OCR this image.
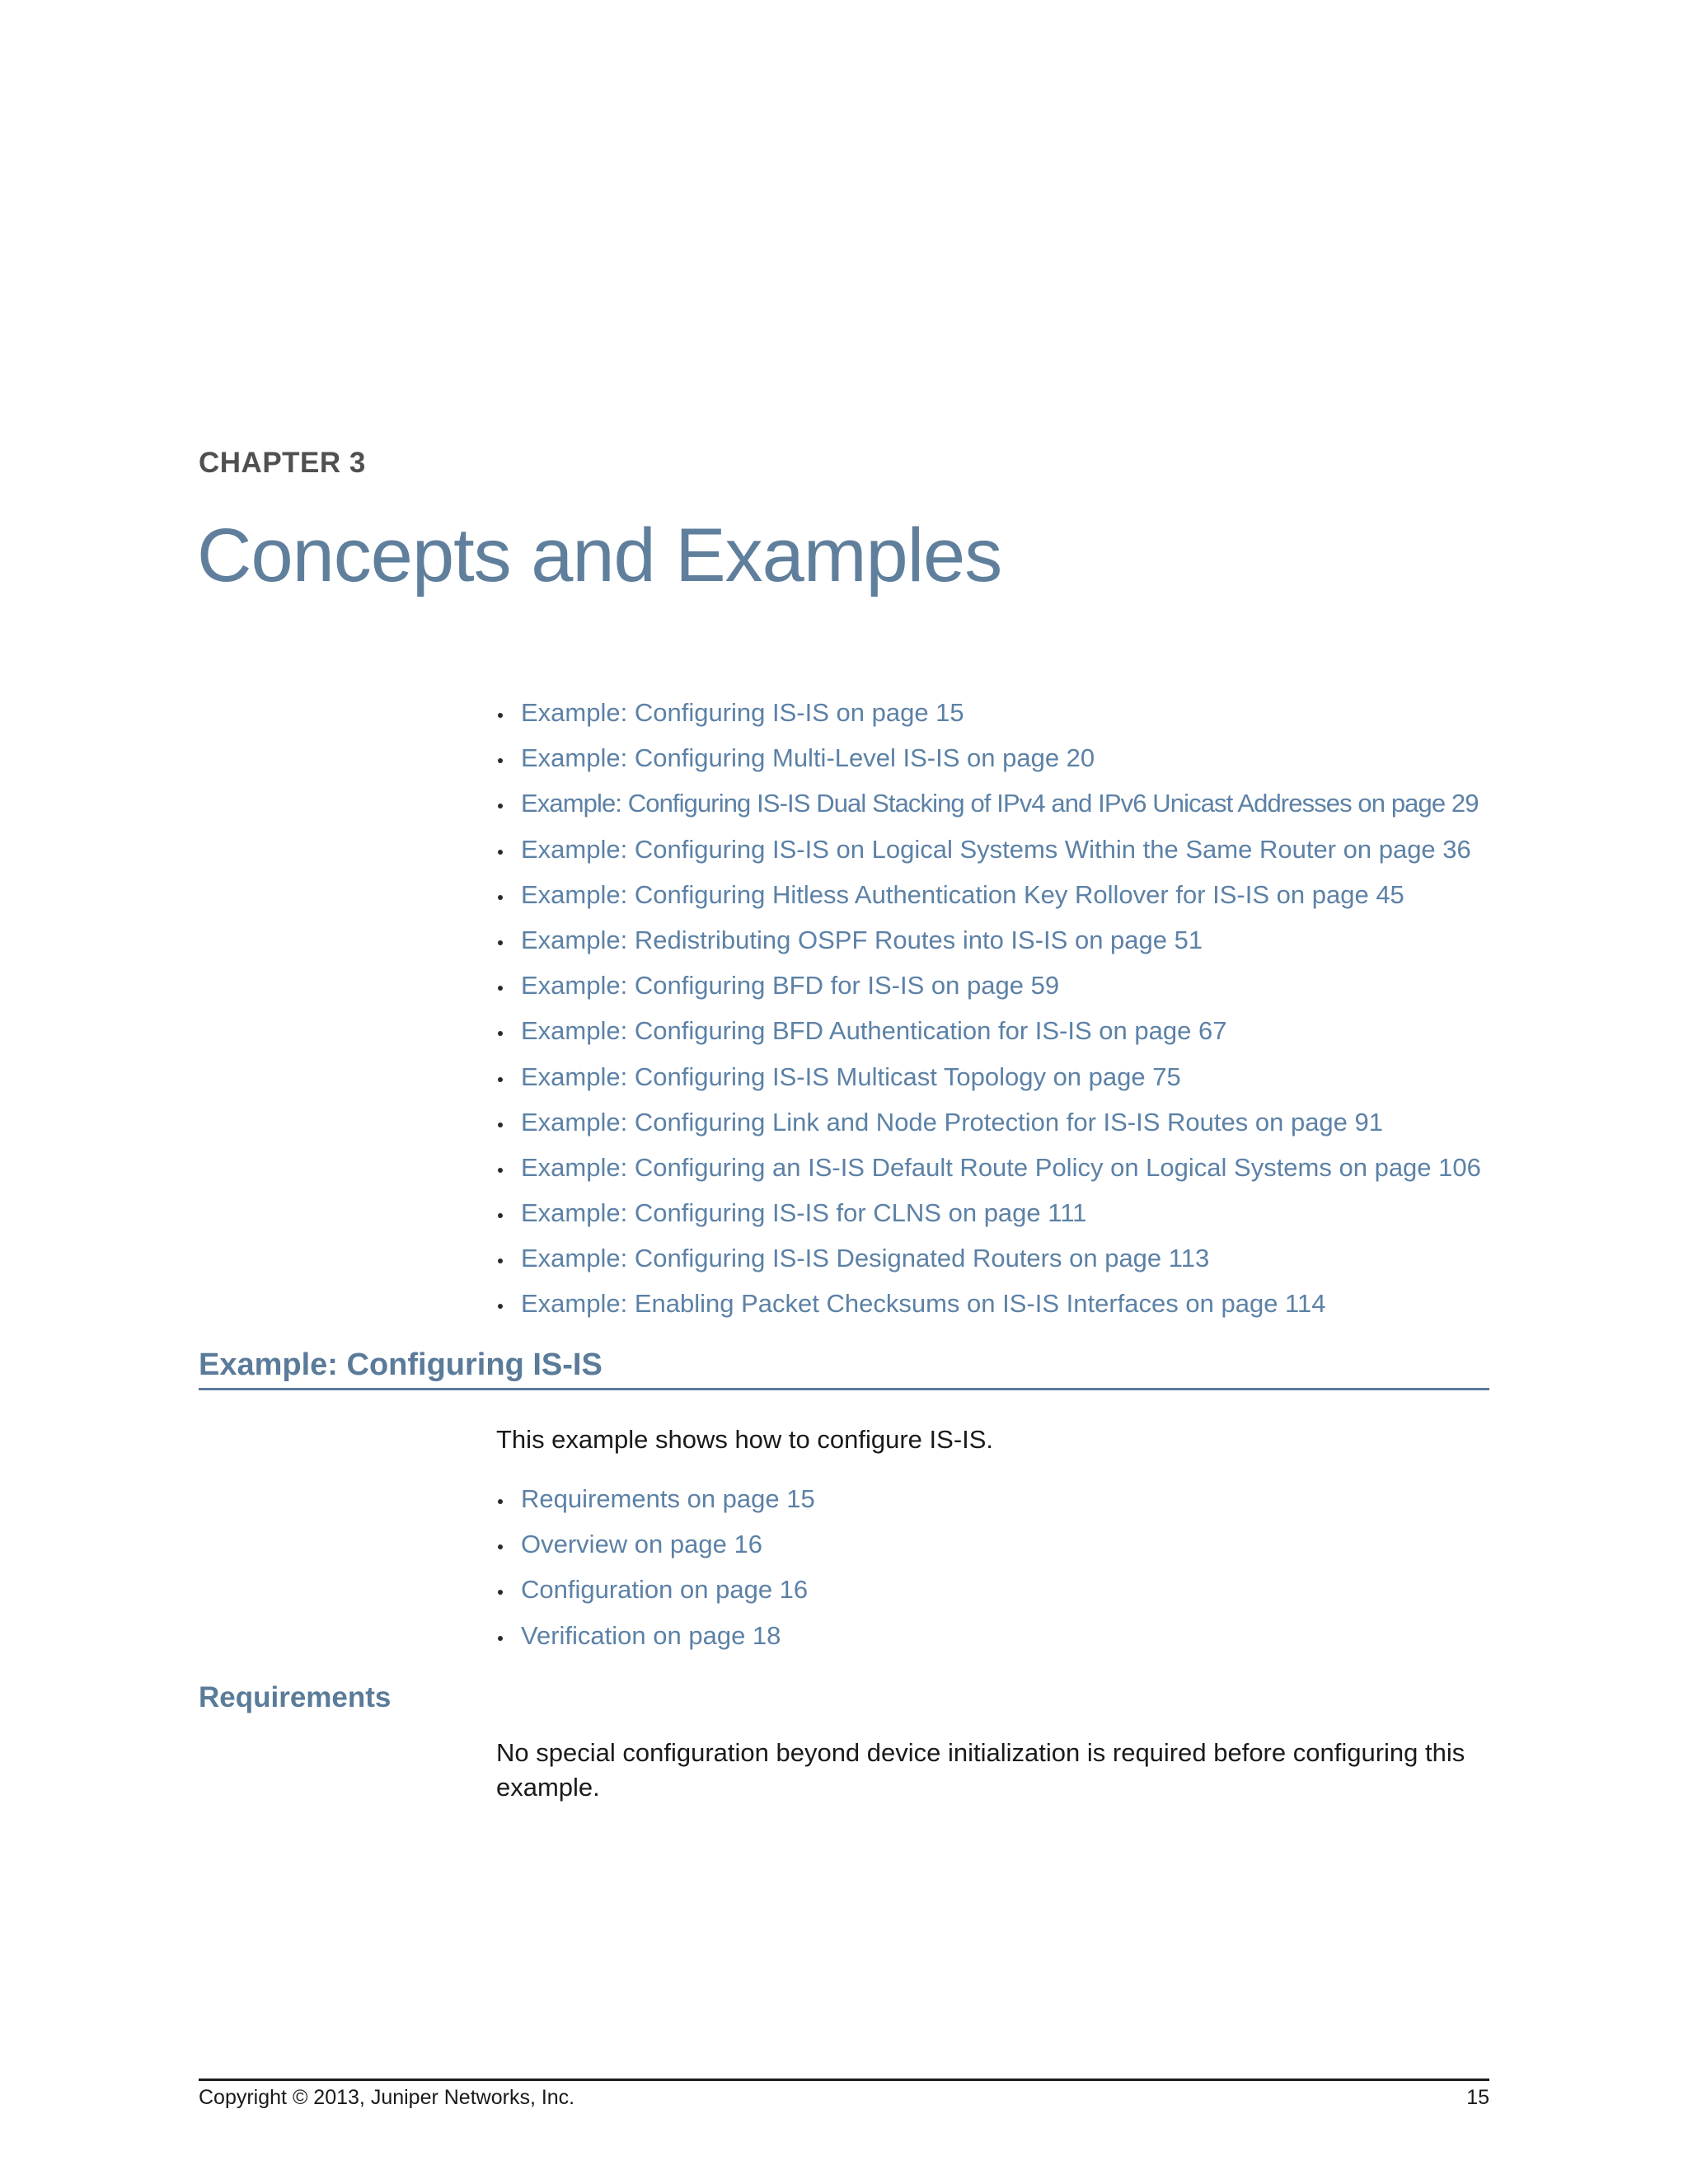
CHAPTER 3
Concepts and Examples
Example: Configuring IS-IS on page 15
Example: Configuring Multi-Level IS-IS on page 20
Example: Configuring IS-IS Dual Stacking of IPv4 and IPv6 Unicast Addresses on page 29
Example: Configuring IS-IS on Logical Systems Within the Same Router on page 36
Example: Configuring Hitless Authentication Key Rollover for IS-IS on page 45
Example: Redistributing OSPF Routes into IS-IS on page 51
Example: Configuring BFD for IS-IS on page 59
Example: Configuring BFD Authentication for IS-IS on page 67
Example: Configuring IS-IS Multicast Topology on page 75
Example: Configuring Link and Node Protection for IS-IS Routes on page 91
Example: Configuring an IS-IS Default Route Policy on Logical Systems on page 106
Example: Configuring IS-IS for CLNS on page 111
Example: Configuring IS-IS Designated Routers on page 113
Example: Enabling Packet Checksums on IS-IS Interfaces on page 114
Example: Configuring IS-IS

This example shows how to configure IS-IS.

Requirements on page 15
Overview on page 16
Configuration on page 16
Verification on page 18
Requirements

No special configuration beyond device initialization is required before configuring this example.

Copyright © 2013, Juniper Networks, Inc.	15
